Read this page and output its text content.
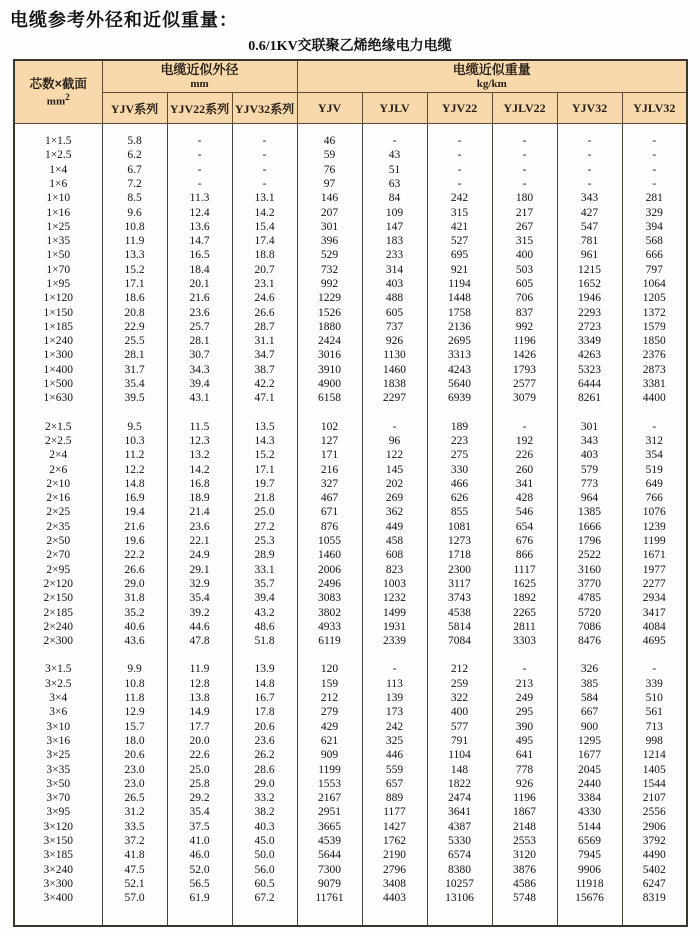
电缆参考外径和近似重量：
0.6/1KV交联聚乙烯绝缘电力电缆
芯数×截面
$mm^2$

电缆近似外径
mm

电缆近似重量
kg/km

	YJV系列	YJV22系列	YJV32系列	YJV	YJLV	YJV22	YJLV22	YJV32	YJLV32

1×1.5	5.8	-	-	46	-	-	-	-	-
1×2.5	6.2	-	-	59	43	-	-	-	-
1×4	6.7	-	-	76	51	-	-	-	-
1×6	7.2	-	-	97	63	-	-	-	-
1×10	8.5	11.3	13.1	146	84	242	180	343	281
1×16	9.6	12.4	14.2	207	109	315	217	427	329
1×25	10.8	13.6	15.4	301	147	421	267	547	394
1×35	11.9	14.7	17.4	396	183	527	315	781	568
1×50	13.3	16.5	18.8	529	233	695	400	961	666
1×70	15.2	18.4	20.7	732	314	921	503	1215	797
1×95	17.1	20.1	23.1	992	403	1194	605	1652	1064
1×120	18.6	21.6	24.6	1229	488	1448	706	1946	1205
1×150	20.8	23.6	26.6	1526	605	1758	837	2293	1372
1×185	22.9	25.7	28.7	1880	737	2136	992	2723	1579
1×240	25.5	28.1	31.1	2424	926	2695	1196	3349	1850
1×300	28.1	30.7	34.7	3016	1130	3313	1426	4263	2376
1×400	31.7	34.3	38.7	3910	1460	4243	1793	5323	2873
1×500	35.4	39.4	42.2	4900	1838	5640	2577	6444	3381
1×630	39.5	43.1	47.1	6158	2297	6939	3079	8261	4400

2×1.5	9.5	11.5	13.5	102	-	189	-	301	-
2×2.5	10.3	12.3	14.3	127	96	223	192	343	312
2×4	11.2	13.2	15.2	171	122	275	226	403	354
2×6	12.2	14.2	17.1	216	145	330	260	579	519
2×10	14.8	16.8	19.7	327	202	466	341	773	649
2×16	16.9	18.9	21.8	467	269	626	428	964	766
2×25	19.4	21.4	25.0	671	362	855	546	1385	1076
2×35	21.6	23.6	27.2	876	449	1081	654	1666	1239
2×50	19.6	22.1	25.3	1055	458	1273	676	1796	1199
2×70	22.2	24.9	28.9	1460	608	1718	866	2522	1671
2×95	26.6	29.1	33.1	2006	823	2300	1117	3160	1977
2×120	29.0	32.9	35.7	2496	1003	3117	1625	3770	2277
2×150	31.8	35.4	39.4	3083	1232	3743	1892	4785	2934
2×185	35.2	39.2	43.2	3802	1499	4538	2265	5720	3417
2×240	40.6	44.6	48.6	4933	1931	5814	2811	7086	4084
2×300	43.6	47.8	51.8	6119	2339	7084	3303	8476	4695

3×1.5	9.9	11.9	13.9	120	-	212	-	326	-
3×2.5	10.8	12.8	14.8	159	113	259	213	385	339
3×4	11.8	13.8	16.7	212	139	322	249	584	510
3×6	12.9	14.9	17.8	279	173	400	295	667	561
3×10	15.7	17.7	20.6	429	242	577	390	900	713
3×16	18.0	20.0	23.6	621	325	791	495	1295	998
3×25	20.6	22.6	26.2	909	446	1104	641	1677	1214
3×35	23.0	25.0	28.6	1199	559	148	778	2045	1405
3×50	23.0	25.8	29.0	1553	657	1822	926	2440	1544
3×70	26.5	29.2	33.2	2167	889	2474	1196	3384	2107
3×95	31.2	35.4	38.2	2951	1177	3641	1867	4330	2556
3×120	33.5	37.5	40.3	3665	1427	4387	2148	5144	2906
3×150	37.2	41.0	45.0	4539	1762	5330	2553	6569	3792
3×185	41.8	46.0	50.0	5644	2190	6574	3120	7945	4490
3×240	47.5	52.0	56.0	7300	2796	8380	3876	9906	5402
3×300	52.1	56.5	60.5	9079	3408	10257	4586	11918	6247
3×400	57.0	61.9	67.2	11761	4403	13106	5748	15676	8319
